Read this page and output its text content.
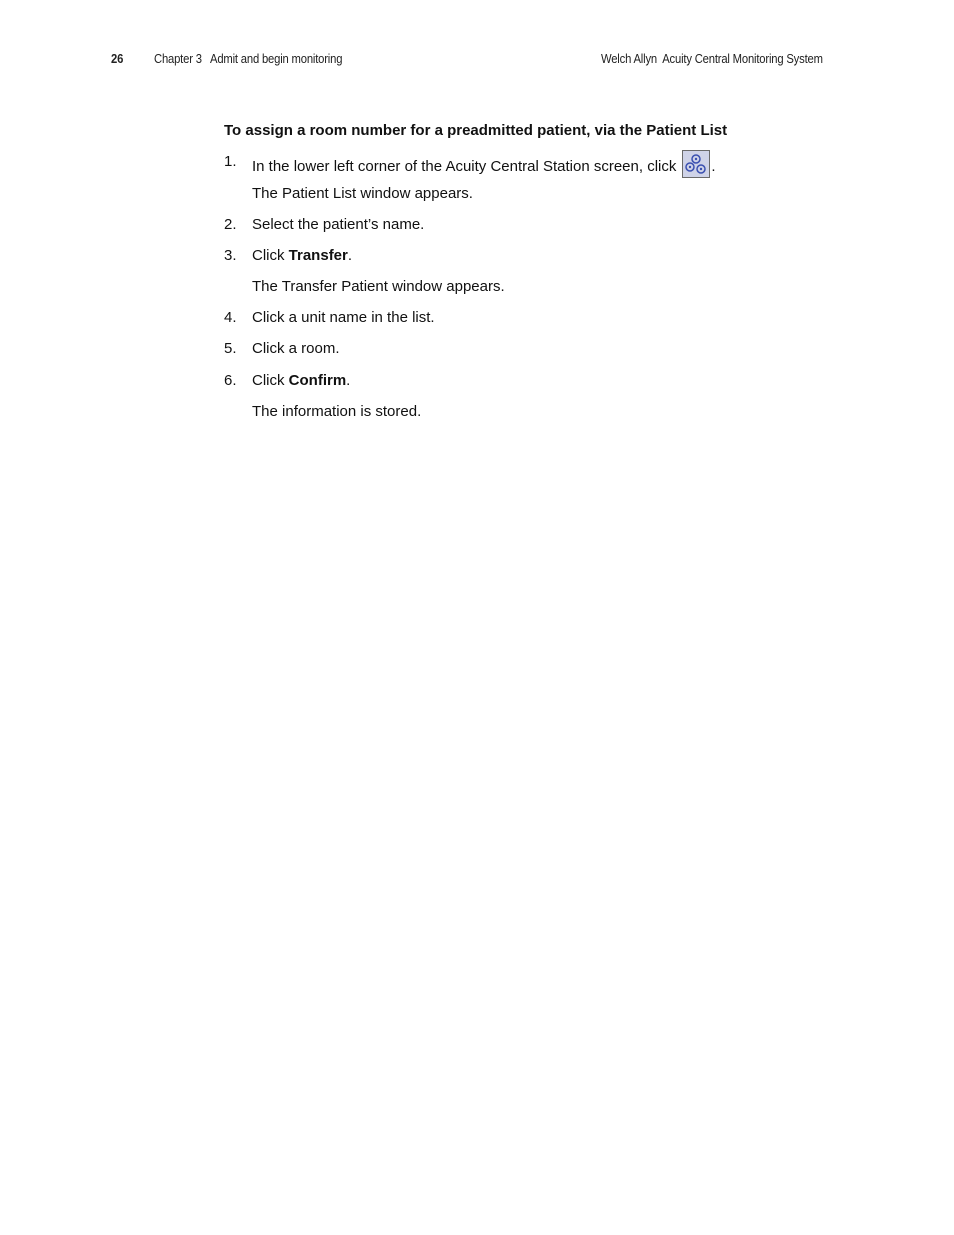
26 Chapter 3   Admit and begin monitoring	Welch Allyn  Acuity Central Monitoring System

To assign a room number for a preadmitted patient, via the Patient List

1. In the lower left corner of the Acuity Central Station screen, click .
The Patient List window appears.
2. Select the patient’s name.
3. Click Transfer.
The Transfer Patient window appears.
4. Click a unit name in the list.
5. Click a room.
6. Click Confirm.
The information is stored.
